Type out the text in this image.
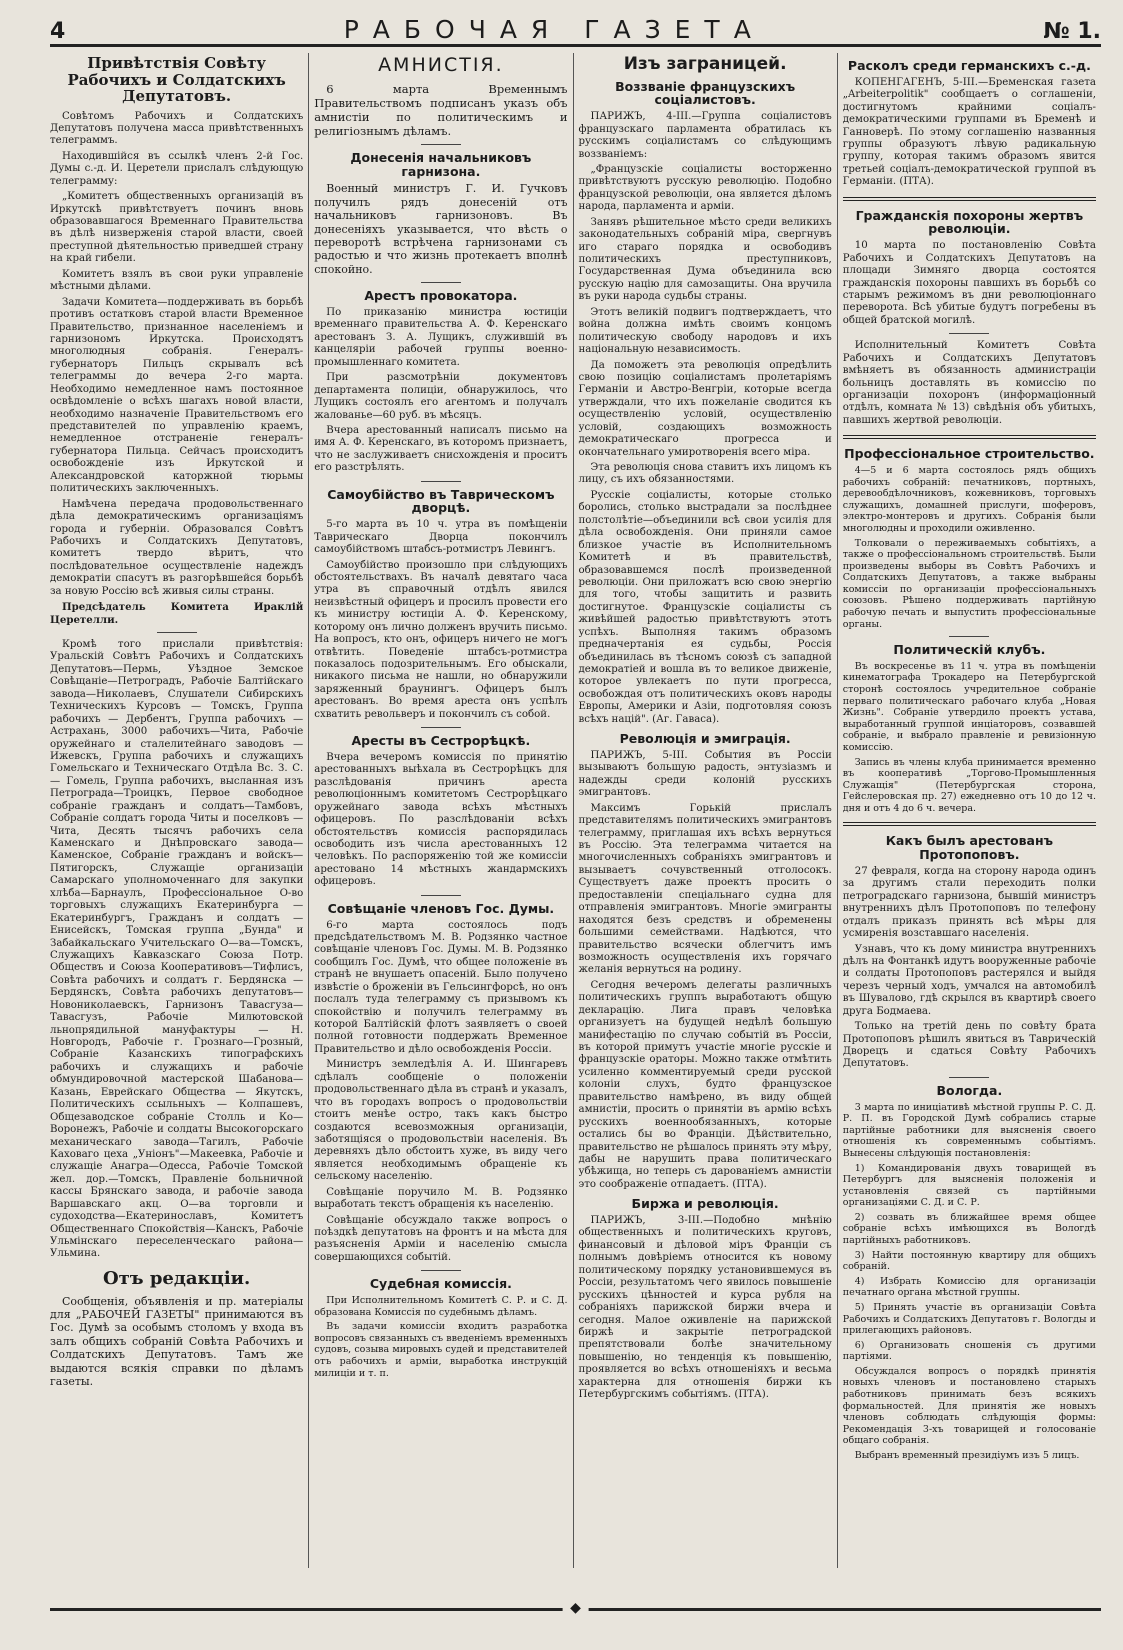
4	РАБОЧАЯ ГАЗЕТА	№ 1.
Привѣтствія Совѣту Рабочихъ и Солдатскихъ Депутатовъ.

Совѣтомъ Рабочихъ и Солдатскихъ Депутатовъ получена масса привѣтственныхъ телеграммъ.

Находившійся въ ссылкѣ членъ 2-й Гос. Думы с.-д. И. Церетели прислалъ слѣдующую телеграмму:

„Комитетъ общественныхъ организацій въ Иркутскѣ привѣтствуетъ починъ вновь образовавшагося Временнаго Правительства въ дѣлѣ низверженія старой власти, своей преступной дѣятельностью приведшей страну на край гибели.

Комитетъ взялъ въ свои руки управленіе мѣстными дѣлами.

Задачи Комитета—поддерживать въ борьбѣ противъ остатковъ старой власти Временное Правительство, признанное населеніемъ и гарнизономъ Иркутска. Происходятъ многолюдныя собранія. Генералъ-губернаторъ Пильцъ скрывалъ всѣ телеграммы до вечера 2-го марта. Необходимо немедленное намъ постоянное освѣдомленіе о всѣхъ шагахъ новой власти, необходимо назначеніе Правительствомъ его представителей по управленію краемъ, немедленное отстраненіе генералъ-губернатора Пильца. Сейчасъ происходитъ освобожденіе изъ Иркутской и Александровской каторжной тюрьмы политическихъ заключенныхъ.

Намѣчена передача продовольственнаго дѣла демократическимъ организаціямъ города и губерніи. Образовался Совѣтъ Рабочихъ и Солдатскихъ Депутатовъ, комитетъ твердо вѣритъ, что послѣдовательное осуществленіе надеждъ демократіи спасутъ въ разгорѣвшейся борьбѣ за новую Россію всѣ живыя силы страны.

Предсѣдатель Комитета Ираклій Церетелли.

Кромѣ того прислали привѣтствія: Уральскій Совѣтъ Рабочихъ и Солдатскихъ Депутатовъ—Пермь, Уѣздное Земское Совѣщаніе—Петроградъ, Рабочіе Балтійскаго завода—Николаевъ, Слушатели Сибирскихъ Техническихъ Курсовъ — Томскъ, Группа рабочихъ — Дербентъ, Группа рабочихъ — Астрахань, 3000 рабочихъ—Чита, Рабочіе оружейнаго и сталелитейнаго заводовъ — Ижевскъ, Группа рабочихъ и служащихъ Гомельскаго и Техническаго Отдѣла Вс. З. С. — Гомель, Группа рабочихъ, высланная изъ Петрограда—Троицкъ, Первое свободное собраніе гражданъ и солдатъ—Тамбовъ, Собраніе солдатъ города Читы и поселковъ — Чита, Десять тысячъ рабочихъ села Каменскаго и Днѣпровскаго завода—Каменское, Собраніе гражданъ и войскъ—Пятигорскъ, Служащіе организаціи Самарскаго уполномоченнаго для закупки хлѣба—Барнаулъ, Профессіональное О-во торговыхъ служащихъ Екатеринбурга — Екатеринбургъ, Гражданъ и солдатъ — Енисейскъ, Томская группа „Бунда" и Забайкальскаго Учительскаго О—ва—Томскъ, Служащихъ Кавказскаго Союза Потр. Обществъ и Союза Кооперативовъ—Тифлисъ, Совѣта рабочихъ и солдатъ г. Бердянска — Бердянскъ, Совѣта рабочихъ депутатовъ—Новониколаевскъ, Гарнизонъ Тавасгуза—Тавасгузъ, Рабочіе Милютовской льнопрядильной мануфактуры — Н. Новгородъ, Рабочіе г. Грознаго—Грозный, Собраніе Казанскихъ типографскихъ рабочихъ и служащихъ и рабочіе обмундировочной мастерской Шабанова—Казань, Еврейскаго Общества — Якутскъ, Политическихъ ссыльныхъ — Колпашевъ, Общезаводское собраніе Столль и Ко—Воронежъ, Рабочіе и солдаты Высокогорскаго механическаго завода—Тагилъ, Рабочіе Каховаго цеха „Уніонъ"—Макеевка, Рабочіе и служащіе Анагра—Одесса, Рабочіе Томской жел. дор.—Томскъ, Правленіе больничной кассы Брянскаго завода, и рабочіе завода Варшавскаго акц. О—ва торговли и судоходства—Екатеринославъ, Комитетъ Общественнаго Спокойствія—Канскъ, Рабочіе Ульмінскаго переселенческаго района—Ульмина.

Отъ редакціи.

Сообщенія, объявленія и пр. матеріалы для „РАБОЧЕЙ ГАЗЕТЫ" принимаются въ Гос. Думѣ за особымъ столомъ у входа въ залъ общихъ собраній Совѣта Рабочихъ и Солдатскихъ Депутатовъ. Тамъ же выдаются всякія справки по дѣламъ газеты.

АМНИСТІЯ.

6 марта Временнымъ Правительствомъ подписанъ указъ объ амнистіи по политическимъ и религіознымъ дѣламъ.

Донесенія начальниковъ гарнизона.

Военный министръ Г. И. Гучковъ получилъ рядъ донесеній отъ начальниковъ гарнизоновъ. Въ донесеніяхъ указывается, что вѣсть о переворотѣ встрѣчена гарнизонами съ радостью и что жизнь протекаетъ вполнѣ спокойно.

Арестъ провокатора.

По приказанію министра юстиціи временнаго правительства А. Ф. Керенскаго арестованъ З. А. Лущикъ, служившій въ канцеляріи рабочей группы военно-промышленнаго комитета.

При разсмотрѣніи документовъ департамента полиціи, обнаружилось, что Лущикъ состоялъ его агентомъ и получалъ жалованье—60 руб. въ мѣсяцъ.

Вчера арестованный написалъ письмо на имя А. Ф. Керенскаго, въ которомъ признаетъ, что не заслуживаетъ снисхожденія и проситъ его разстрѣлять.

Самоубійство въ Таврическомъ дворцѣ.

5-го марта въ 10 ч. утра въ помѣщеніи Таврическаго Дворца покончилъ самоубійствомъ штабсъ-ротмистръ Левингъ.

Самоубійство произошло при слѣдующихъ обстоятельствахъ. Въ началѣ девятаго часа утра въ справочный отдѣлъ явился неизвѣстный офицеръ и просилъ провести его къ министру юстиціи А. Ф. Керенскому, которому онъ лично долженъ вручить письмо. На вопросъ, кто онъ, офицеръ ничего не могъ отвѣтить. Поведеніе штабсъ-ротмистра показалось подозрительнымъ. Его обыскали, никакого письма не нашли, но обнаружили заряженный браунингъ. Офицеръ былъ арестованъ. Во время ареста онъ успѣлъ схватить револьверъ и покончилъ съ собой.

Аресты въ Сестрорѣцкѣ.

Вчера вечеромъ комиссія по принятію арестованныхъ выѣхала въ Сестрорѣцкъ для разслѣдованія причинъ ареста революціоннымъ комитетомъ Сестрорѣцкаго оружейнаго завода всѣхъ мѣстныхъ офицеровъ. По разслѣдованіи всѣхъ обстоятельствъ комиссія распорядилась освободить изъ числа арестованныхъ 12 человѣкъ. По распоряженію той же комиссіи арестовано 14 мѣстныхъ жандармскихъ офицеровъ.

Совѣщаніе членовъ Гос. Думы.

6-го марта состоялось подъ предсѣдательствомъ М. В. Родзянко частное совѣщаніе членовъ Гос. Думы. М. В. Родзянко сообщилъ Гос. Думѣ, что общее положеніе въ странѣ не внушаетъ опасеній. Было получено извѣстіе о броженіи въ Гельсингфорсѣ, но онъ послалъ туда телеграмму съ призывомъ къ спокойствію и получилъ телеграмму въ которой Балтійскій флотъ заявляетъ о своей полной готовности поддержать Временное Правительство и дѣло освобожденія Россіи.

Министръ земледѣлія А. И. Шингаревъ сдѣлалъ сообщеніе о положеніи продовольственнаго дѣла въ странѣ и указалъ, что въ городахъ вопросъ о продовольствіи стоитъ менѣе остро, такъ какъ быстро создаются всевозможныя организаціи, заботящіяся о продовольствіи населенія. Въ деревняхъ дѣло обстоитъ хуже, въ виду чего является необходимымъ обращеніе къ сельскому населенію.

Совѣщаніе поручило М. В. Родзянко выработать текстъ обращенія къ населенію.

Совѣщаніе обсуждало также вопросъ о поѣздкѣ депутатовъ на фронтъ и на мѣста для разъясненія Арміи и населенію смысла совершающихся событій.

Судебная комиссія.

При Исполнительномъ Комитетѣ С. Р. и С. Д. образована Комиссія по судебнымъ дѣламъ.

Въ задачи комиссіи входитъ разработка вопросовъ связанныхъ съ введеніемъ временныхъ судовъ, созыва мировыхъ судей и представителей отъ рабочихъ и арміи, выработка инструкцій милиціи и т. п.

Изъ заграницей.
Воззваніе французскихъ соціалистовъ.

ПАРИЖЪ, 4-III.—Группа соціалистовъ французскаго парламента обратилась къ русскимъ соціалистамъ со слѣдующимъ воззваніемъ:

„Французскіе соціалисты восторженно привѣтствуютъ русскую революцію. Подобно французской революціи, она является дѣломъ народа, парламента и арміи.

Занявъ рѣшительное мѣсто среди великихъ законодательныхъ собраній міра, свергнувъ иго стараго порядка и освободивъ политическихъ преступниковъ, Государственная Дума объединила всю русскую націю для самозащиты. Она вручила въ руки народа судьбы страны.

Этотъ великій подвигъ подтверждаетъ, что война должна имѣть своимъ концомъ политическую свободу народовъ и ихъ національную независимость.

Да поможетъ эта революція опредѣлить свою позицію соціалистамъ пролетаріямъ Германіи и Австро-Венгріи, которые всегда утверждали, что ихъ пожеланіе сводится къ осуществленію условій, осуществленію условій, создающихъ возможность демократическаго прогресса и окончательнаго умиротворенія всего міра.

Эта революція снова ставитъ ихъ лицомъ къ лицу, съ ихъ обязанностями.

Русскіе соціалисты, которые столько боролись, столько выстрадали за послѣднее полстолѣтіе—объединили всѣ свои усилія для дѣла освобожденія. Они приняли самое близкое участіе въ Исполнительномъ Комитетѣ и въ правительствѣ, образовавшемся послѣ произведенной революціи. Они приложатъ всю свою энергію для того, чтобы защитить и развить достигнутое. Французскіе соціалисты съ живѣйшей радостью привѣтствуютъ этотъ успѣхъ. Выполняя такимъ образомъ предначертанія ея судьбы, Россія объединилась въ тѣсномъ союзѣ съ западной демократіей и вошла въ то великое движеніе, которое увлекаетъ по пути прогресса, освобождая отъ политическихъ оковъ народы Европы, Америки и Азіи, подготовляя союзъ всѣхъ націй". (Аг. Гаваса).

Революція и эмиграція.

ПАРИЖЪ, 5-III. События въ Россіи вызываютъ большую радость, энтузіазмъ и надежды среди колоній русскихъ эмигрантовъ.

Максимъ Горькій прислалъ представителямъ политическихъ эмигрантовъ телеграмму, приглашая ихъ всѣхъ вернуться въ Россію. Эта телеграмма читается на многочисленныхъ собраніяхъ эмигрантовъ и вызываетъ сочувственный отголосокъ. Существуетъ даже проектъ просить о предоставленіи спеціальнаго судна для отправленія эмигрантовъ. Многіе эмигранты находятся безъ средствъ и обременены большими семействами. Надѣются, что правительство всячески облегчитъ имъ возможность осуществленія ихъ горячаго желанія вернуться на родину.

Сегодня вечеромъ делегаты различныхъ политическихъ группъ выработаютъ общую декларацію. Лига правъ человѣка организуетъ на будущей недѣлѣ большую манифестацію по случаю событій въ Россіи, въ которой примутъ участіе многіе русскіе и французскіе ораторы. Можно также отмѣтить усиленно комментируемый среди русской колоніи слухъ, будто французское правительство намѣрено, въ виду общей амнистіи, просить о принятіи въ армію всѣхъ русскихъ военнообязанныхъ, которые остались бы во Франціи. Дѣйствительно, правительство не рѣшалось принять эту мѣру, дабы не нарушить права политическаго убѣжища, но теперь съ дарованіемъ амнистіи это соображеніе отпадаетъ. (ПТА).

Биржа и революція.

ПАРИЖЪ, 3-III.—Подобно мнѣнію общественныхъ и политическихъ круговъ, финансовый и дѣловой міръ Франціи съ полнымъ довѣріемъ относится къ новому политическому порядку установившемуся въ Россіи, результатомъ чего явилось повышеніе русскихъ цѣнностей и курса рубля на собраніяхъ парижской биржи вчера и сегодня. Малое оживленіе на парижской биржѣ и закрытіе петроградской препятствовали болѣе значительному повышенію, но тенденція къ повышенію, проявляется во всѣхъ отношеніяхъ и весьма характерна для отношенія биржи къ Петербургскимъ событіямъ. (ПТА).

Расколъ среди германскихъ с.-д.

КОПЕНГАГЕНЪ, 5-III.—Бременская газета „Arbeiterpolitik" сообщаетъ о соглашеніи, достигнутомъ крайними соціалъ-демократическими группами въ Бременѣ и Ганноверѣ. По этому соглашенію названныя группы образуютъ лѣвую радикальную группу, которая такимъ образомъ явится третьей соціалъ-демократической группой въ Германіи. (ПТА).

Гражданскія похороны жертвъ революціи.

10 марта по постановленію Совѣта Рабочихъ и Солдатскихъ Депутатовъ на площади Зимняго дворца состоятся гражданскія похороны павшихъ въ борьбѣ со старымъ режимомъ въ дни революціоннаго переворота. Всѣ убитые будутъ погребены въ общей братской могилѣ.

Исполнительный Комитетъ Совѣта Рабочихъ и Солдатскихъ Депутатовъ вмѣняетъ въ обязанность администраціи больницъ доставлять въ комиссію по организаціи похоронъ (информаціонный отдѣлъ, комната № 13) свѣдѣнія объ убитыхъ, павшихъ жертвой революціи.

Профессіональное строительство.

4—5 и 6 марта состоялось рядъ общихъ рабочихъ собраній: печатниковъ, портныхъ, деревообдѣлочниковъ, кожевниковъ, торговыхъ служащихъ, домашней прислуги, шоферовъ, электро-монтеровъ и другихъ. Собранія были многолюдны и проходили оживленно.

Толковали о переживаемыхъ событіяхъ, а также о профессіональномъ строительствѣ. Были произведены выборы въ Совѣтъ Рабочихъ и Солдатскихъ Депутатовъ, а также выбраны комиссіи по организаціи профессіональныхъ союзовъ. Рѣшено поддерживать партійную рабочую печать и выпустить профессіональные органы.

Политическій клубъ.

Въ воскресенье въ 11 ч. утра въ помѣщеніи кинематографа Трокадеро на Петербургской сторонѣ состоялось учредительное собраніе перваго политическаго рабочаго клуба „Новая Жизнь". Собраніе утвердило проектъ устава, выработанный группой инціаторовъ, созвавшей собраніе, и выбрало правленіе и ревизіонную комиссію.

Запись въ члены клуба принимается временно въ кооперативѣ „Торгово-Промышленныя Служащія" (Петербургская сторона, Гейслеровская пр. 27) ежедневно отъ 10 до 12 ч. дня и отъ 4 до 6 ч. вечера.

Какъ былъ арестованъ Протопоповъ.

27 февраля, когда на сторону народа одинъ за другимъ стали переходить полки петроградскаго гарнизона, бывшій министръ внутреннихъ дѣлъ Протопоповъ по телефону отдалъ приказъ принять всѣ мѣры для усмиренія возставшаго населенія.

Узнавъ, что къ дому министра внутреннихъ дѣлъ на Фонтанкѣ идутъ вооруженные рабочіе и солдаты Протопоповъ растерялся и выйдя черезъ черный ходъ, умчался на автомобилѣ въ Шувалово, гдѣ скрылся въ квартирѣ своего друга Бодмаева.

Только на третій день по совѣту брата Протопоповъ рѣшилъ явиться въ Таврическій Дворецъ и сдаться Совѣту Рабочихъ Депутатовъ.

Вологда.

3 марта по иниціативѣ мѣстной группы Р. С. Д. Р. П. въ Городской Думѣ собрались старые партійные работники для выясненія своего отношенія къ современнымъ событіямъ. Вынесены слѣдующія постановленія:

1) Командированія двухъ товарищей въ Петербургъ для выясненія положенія и установленія связей съ партійными организаціями С. Д. и С. Р.

2) созвать въ ближайшее время общее собраніе всѣхъ имѣющихся въ Вологдѣ партійныхъ работниковъ.

3) Найти постоянную квартиру для общихъ собраній.

4) Избрать Комиссію для организаціи печатнаго органа мѣстной группы.

5) Принять участіе въ организаціи Совѣта Рабочихъ и Солдатскихъ Депутатовъ г. Вологды и прилегающихъ районовъ.

6) Организовать сношенія съ другими партіями.

Обсуждался вопросъ о порядкѣ принятія новыхъ членовъ и постановлено старыхъ работниковъ принимать безъ всякихъ формальностей. Для принятія же новыхъ членовъ соблюдать слѣдующія формы: Рекомендація 3-хъ товарищей и голосованіе общаго собранія.

Выбранъ временный президіумъ изъ 5 лицъ.

◆
